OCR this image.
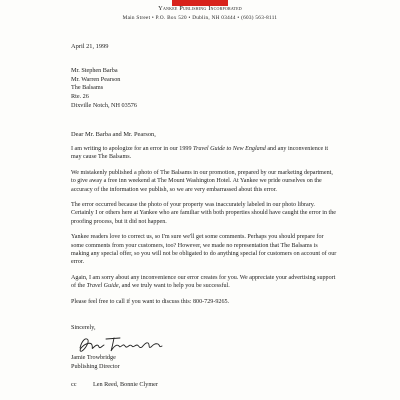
Yankee Publishing Incorporated
Main Street • P.O. Box 520 • Dublin, NH 03444 • (603) 563-8111
April 21, 1999
Mr. Stephen Barba
Mr. Warren Pearson
The Balsams
Rte. 26
Dixville Notch, NH 03576
Dear Mr. Barba and Mr. Pearson,

I am writing to apologize for an error in our 1999 Travel Guide to New England and any inconvenience it may cause The Balsams.

We mistakenly published a photo of The Balsams in our promotion, prepared by our marketing department, to give away a free inn weekend at The Mount Washington Hotel. At Yankee we pride ourselves on the accuracy of the information we publish, so we are very embarrassed about this error.

The error occurred because the photo of your property was inaccurately labeled in our photo library. Certainly I or others here at Yankee who are familiar with both properties should have caught the error in the proofing process, but it did not happen.

Yankee readers love to correct us, so I'm sure we'll get some comments. Perhaps you should prepare for some comments from your customers, too? However, we made no representation that The Balsams is making any special offer, so you will not be obligated to do anything special for customers on account of our error.

Again, I am sorry about any inconvenience our error creates for you. We appreciate your advertising support of the Travel Guide, and we truly want to help you be successful.

Please feel free to call if you want to discuss this: 800-729-9265.

Sincerely,
Jamie Trowbridge
Publishing Director
cc	Len Reed, Bonnie Clymer
